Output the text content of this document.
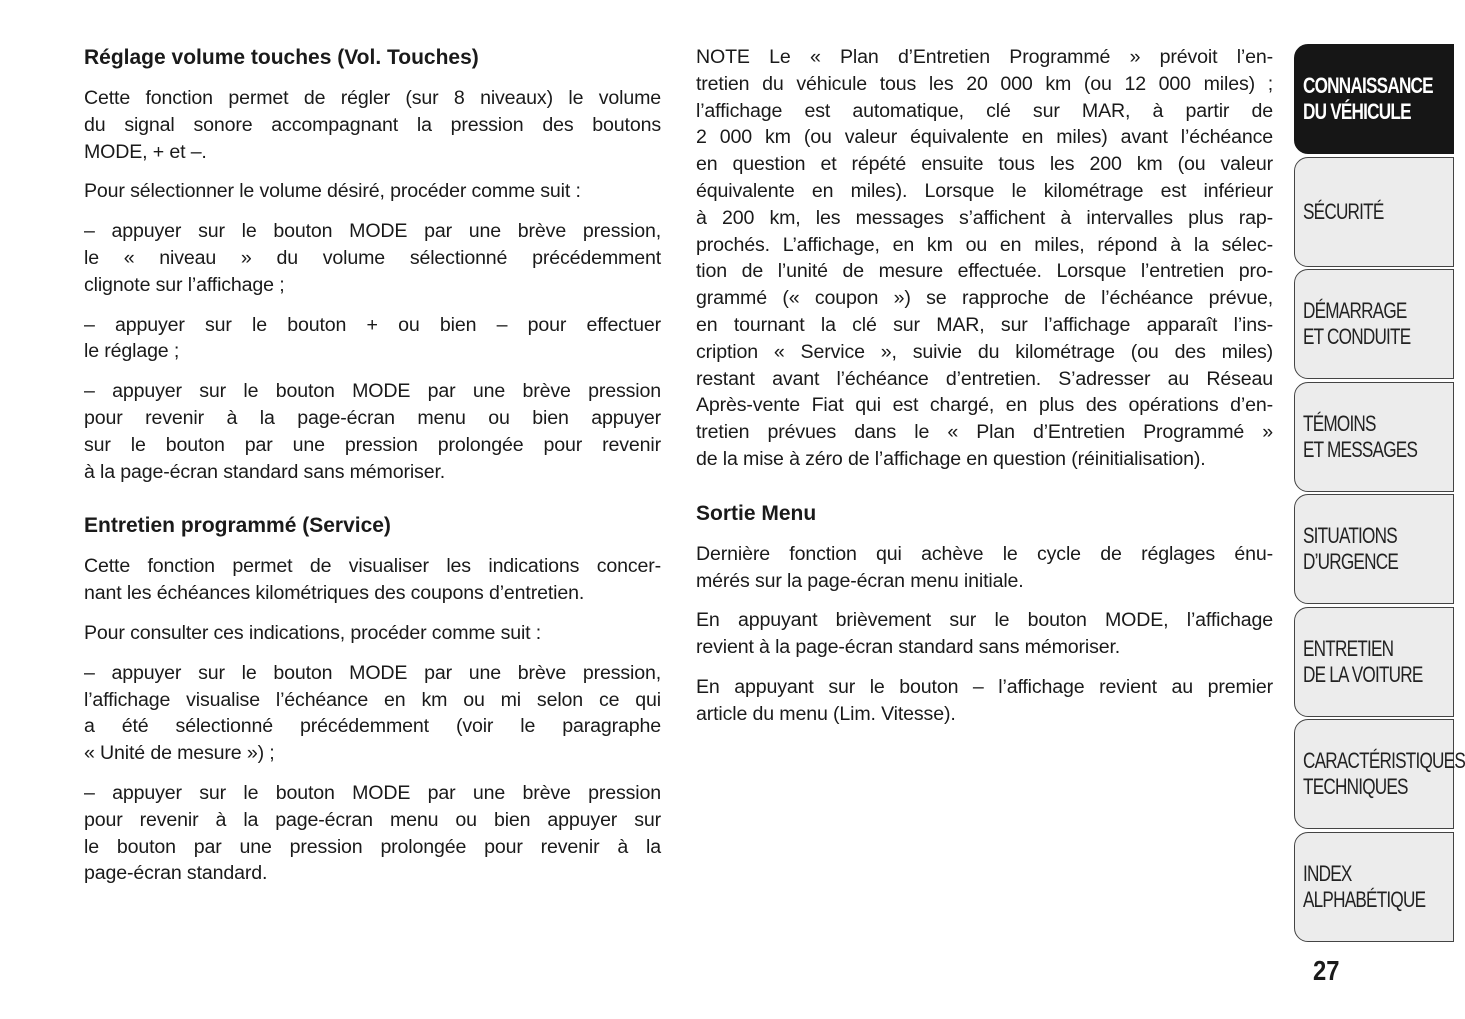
Réglage volume touches (Vol. Touches)
Cette fonction permet de régler (sur 8 niveaux) le volume
du signal sonore accompagnant la pression des boutons
MODE, + et –.
Pour sélectionner le volume désiré, procéder comme suit :
– appuyer sur le bouton MODE par une brève pression,
le « niveau » du volume sélectionné précédemment
clignote sur l’affichage ;
– appuyer sur le bouton + ou bien – pour effectuer
le réglage ;
– appuyer sur le bouton MODE par une brève pression
pour revenir à la page-écran menu ou bien appuyer
sur le bouton par une pression prolongée pour revenir
à la page-écran standard sans mémoriser.
Entretien programmé (Service)
Cette fonction permet de visualiser les indications concer-
nant les échéances kilométriques des coupons d’entretien.
Pour consulter ces indications, procéder comme suit :
– appuyer sur le bouton MODE par une brève pression,
l’affichage visualise l’échéance en km ou mi selon ce qui
a été sélectionné précédemment (voir le paragraphe
« Unité de mesure ») ;
– appuyer sur le bouton MODE par une brève pression
pour revenir à la page-écran menu ou bien appuyer sur
le bouton par une pression prolongée pour revenir à la
page-écran standard.
NOTE Le « Plan d’Entretien Programmé » prévoit l’en-
tretien du véhicule tous les 20 000 km (ou 12 000 miles) ;
l’affichage est automatique, clé sur MAR, à partir de
2 000 km (ou valeur équivalente en miles) avant l’échéance
en question et répété ensuite tous les 200 km (ou valeur
équivalente en miles). Lorsque le kilométrage est inférieur
à 200 km, les messages s’affichent à intervalles plus rap-
prochés. L’affichage, en km ou en miles, répond à la sélec-
tion de l’unité de mesure effectuée. Lorsque l’entretien pro-
grammé (« coupon ») se rapproche de l’échéance prévue,
en tournant la clé sur MAR, sur l’affichage apparaît l’ins-
cription « Service », suivie du kilométrage (ou des miles)
restant avant l’échéance d’entretien. S’adresser au Réseau
Après-vente Fiat qui est chargé, en plus des opérations d’en-
tretien prévues dans le « Plan d’Entretien Programmé »
de la mise à zéro de l’affichage en question (réinitialisation).
Sortie Menu
Dernière fonction qui achève le cycle de réglages énu-
mérés sur la page-écran menu initiale.
En appuyant brièvement sur le bouton MODE, l’affichage
revient à la page-écran standard sans mémoriser.
En appuyant sur le bouton – l’affichage revient au premier
article du menu (Lim. Vitesse).
CONNAISSANCE
DU VÉHICULE
SÉCURITÉ
DÉMARRAGE
ET CONDUITE
TÉMOINS
ET MESSAGES
SITUATIONS
D’URGENCE
ENTRETIEN
DE LA VOITURE
CARACTÉRISTIQUES
TECHNIQUES
INDEX
ALPHABÉTIQUE
27
